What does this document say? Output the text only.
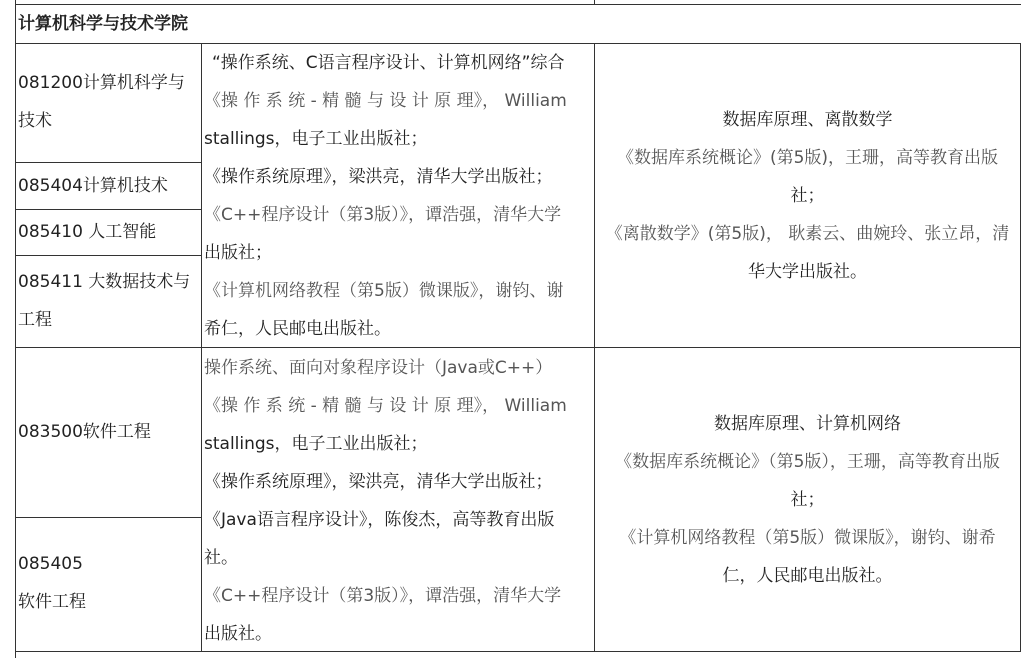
计算机科学与技术学院
081200计算机科学与技术
085404计算机技术
085410 人工智能
085411 大数据技术与工程
“操作系统、C语言程序设计、计算机网络”综合
《操 作 系 统 - 精 髓 与 设 计 原 理》， William
stallings，电子工业出版社；
《操作系统原理》，梁洪亮，清华大学出版社；
《C++程序设计（第3版）》，谭浩强，清华大学
出版社；
《计算机网络教程（第5版）微课版》，谢钧、谢
希仁，人民邮电出版社。
数据库原理、离散数学
《数据库系统概论》(第5版)，王珊，高等教育出版
社；
《离散数学》(第5版)， 耿素云、曲婉玲、张立昂，清
华大学出版社。
083500软件工程
085405
软件工程
操作系统、面向对象程序设计（Java或C++）
《操 作 系 统 - 精 髓 与 设 计 原 理》， William
stallings，电子工业出版社；
《操作系统原理》，梁洪亮，清华大学出版社；
《Java语言程序设计》，陈俊杰，高等教育出版
社。
《C++程序设计（第3版）》，谭浩强，清华大学
出版社。
数据库原理、计算机网络
《数据库系统概论》（第5版），王珊，高等教育出版
社；
《计算机网络教程（第5版）微课版》，谢钧、谢希
仁，人民邮电出版社。
